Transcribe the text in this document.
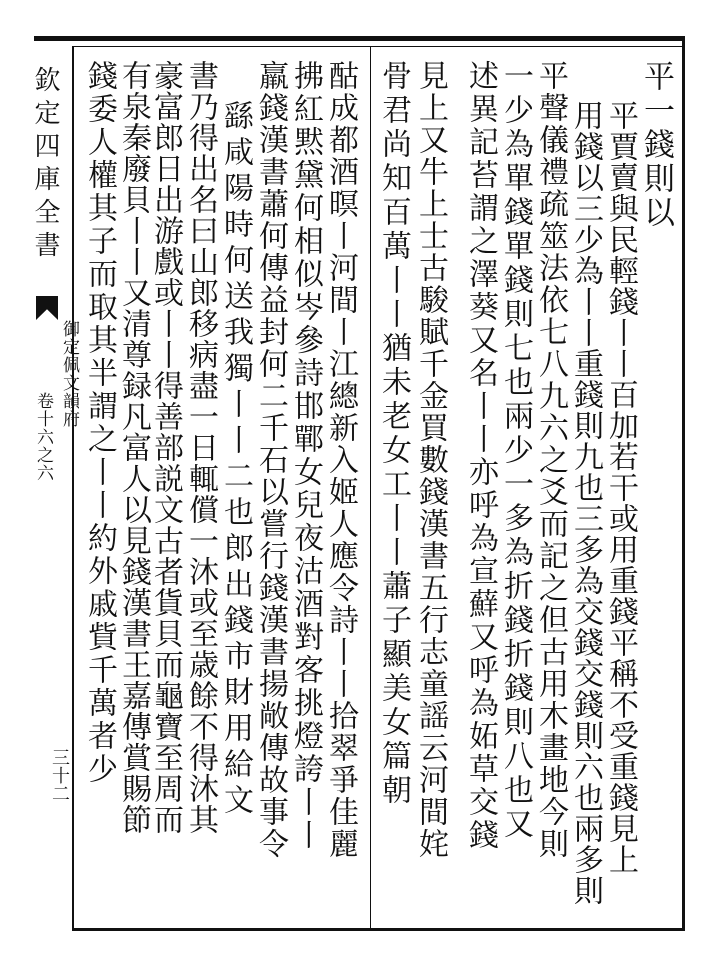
欽定四庫全書
御定佩文韻府
卷十六之六
三十二
平一錢則以
平賈賣與民輕錢丨丨百加若干或用重錢平稱不受重錢見上
用錢以三少為丨丨重錢則九也三多為交錢交錢則六也兩多則
平聲儀禮疏筮法依七八九六之爻而記之但古用木畫地今則
一少為單錢單錢則七也兩少一多為折錢折錢則八也又
述異記苔謂之澤葵又名丨丨亦呼為宣蘚又呼為妬草交錢
見上又牛上士古駿賦千金買數錢漢書五行志童謡云河間姹
骨君尚知百萬丨丨猶未老女工丨丨蕭子顯美女篇朝
酤成都酒暝丨河間丨江總新入姬人應令詩丨丨拾翠爭佳麗
拂紅黙黛何相似岑參詩邯鄲女兒夜沽酒對客挑燈誇丨丨
羸錢漢書蕭何傳益封何二千石以嘗行錢漢書揚敞傳故事令
繇咸陽時何送我獨丨丨二也郎出錢市財用給文
書乃得出名曰山郎移病盡一日輒償一沐或至歳餘不得沐其
豪富郎日出游戲或丨丨得善部説文古者貨貝而龜寶至周而
有泉秦廢貝丨丨又清尊録凡富人以見錢漢書王嘉傳賞賜節
錢委人權其子而取其半謂之丨丨約外戚貲千萬者少
